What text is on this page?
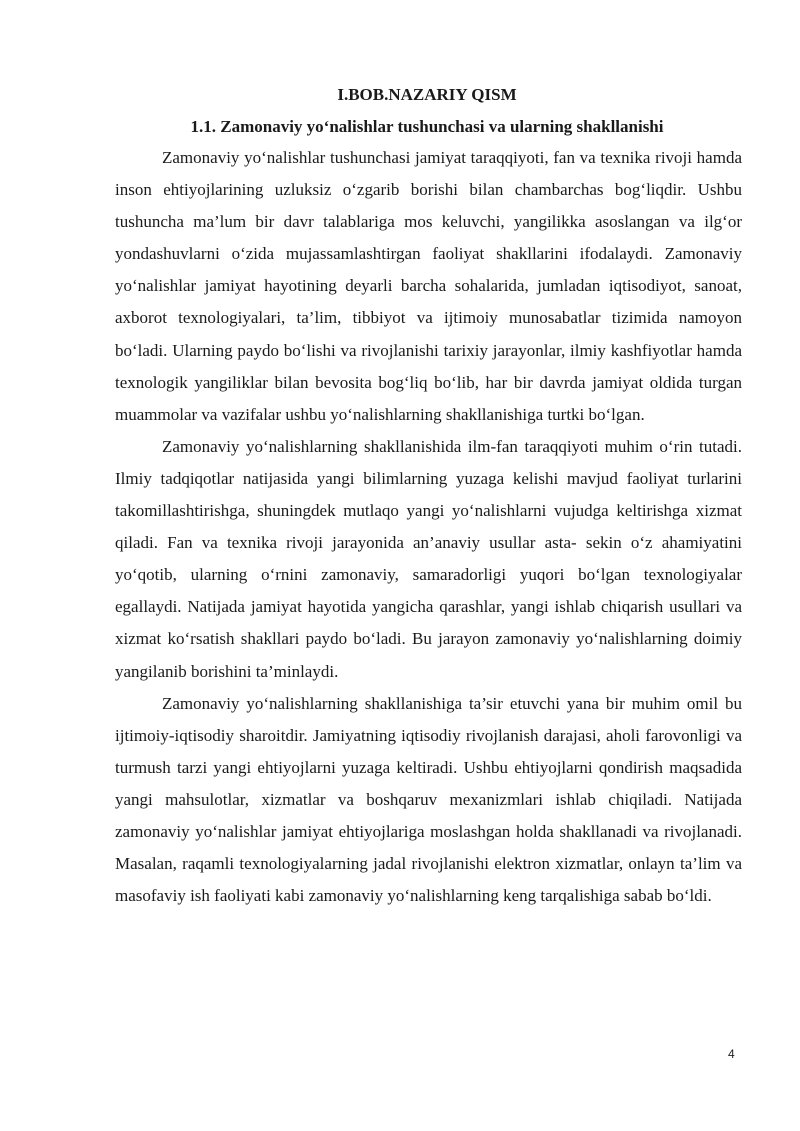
I.BOB.NAZARIY QISM
1.1. Zamonaviy yo‘nalishlar tushunchasi va ularning shakllanishi

Zamonaviy yo‘nalishlar tushunchasi jamiyat taraqqiyoti, fan va texnika rivoji hamda inson ehtiyojlarining uzluksiz o‘zgarib borishi bilan chambarchas bog‘liqdir. Ushbu tushuncha ma’lum bir davr talablariga mos keluvchi, yangilikka asoslangan va ilg‘or yondashuvlarni o‘zida mujassamlashtirgan faoliyat shakllarini ifodalaydi. Zamonaviy yo‘nalishlar jamiyat hayotining deyarli barcha sohalarida, jumladan iqtisodiyot, sanoat, axborot texnologiyalari, ta’lim, tibbiyot va ijtimoiy munosabatlar tizimida namoyon bo‘ladi. Ularning paydo bo‘lishi va rivojlanishi tarixiy jarayonlar, ilmiy kashfiyotlar hamda texnologik yangiliklar bilan bevosita bog‘liq bo‘lib, har bir davrda jamiyat oldida turgan muammolar va vazifalar ushbu yo‘nalishlarning shakllanishiga turtki bo‘lgan.

Zamonaviy yo‘nalishlarning shakllanishida ilm-fan taraqqiyoti muhim o‘rin tutadi. Ilmiy tadqiqotlar natijasida yangi bilimlarning yuzaga kelishi mavjud faoliyat turlarini takomillashtirishga, shuningdek mutlaqo yangi yo‘nalishlarni vujudga keltirishga xizmat qiladi. Fan va texnika rivoji jarayonida an’anaviy usullar asta- sekin o‘z ahamiyatini yo‘qotib, ularning o‘rnini zamonaviy, samaradorligi yuqori bo‘lgan texnologiyalar egallaydi. Natijada jamiyat hayotida yangicha qarashlar, yangi ishlab chiqarish usullari va xizmat ko‘rsatish shakllari paydo bo‘ladi. Bu jarayon zamonaviy yo‘nalishlarning doimiy yangilanib borishini ta’minlaydi.

Zamonaviy yo‘nalishlarning shakllanishiga ta’sir etuvchi yana bir muhim omil bu ijtimoiy-iqtisodiy sharoitdir. Jamiyatning iqtisodiy rivojlanish darajasi, aholi farovonligi va turmush tarzi yangi ehtiyojlarni yuzaga keltiradi. Ushbu ehtiyojlarni qondirish maqsadida yangi mahsulotlar, xizmatlar va boshqaruv mexanizmlari ishlab chiqiladi. Natijada zamonaviy yo‘nalishlar jamiyat ehtiyojlariga moslashgan holda shakllanadi va rivojlanadi. Masalan, raqamli texnologiyalarning jadal rivojlanishi elektron xizmatlar, onlayn ta’lim va masofaviy ish faoliyati kabi zamonaviy yo‘nalishlarning keng tarqalishiga sabab bo‘ldi.

4
